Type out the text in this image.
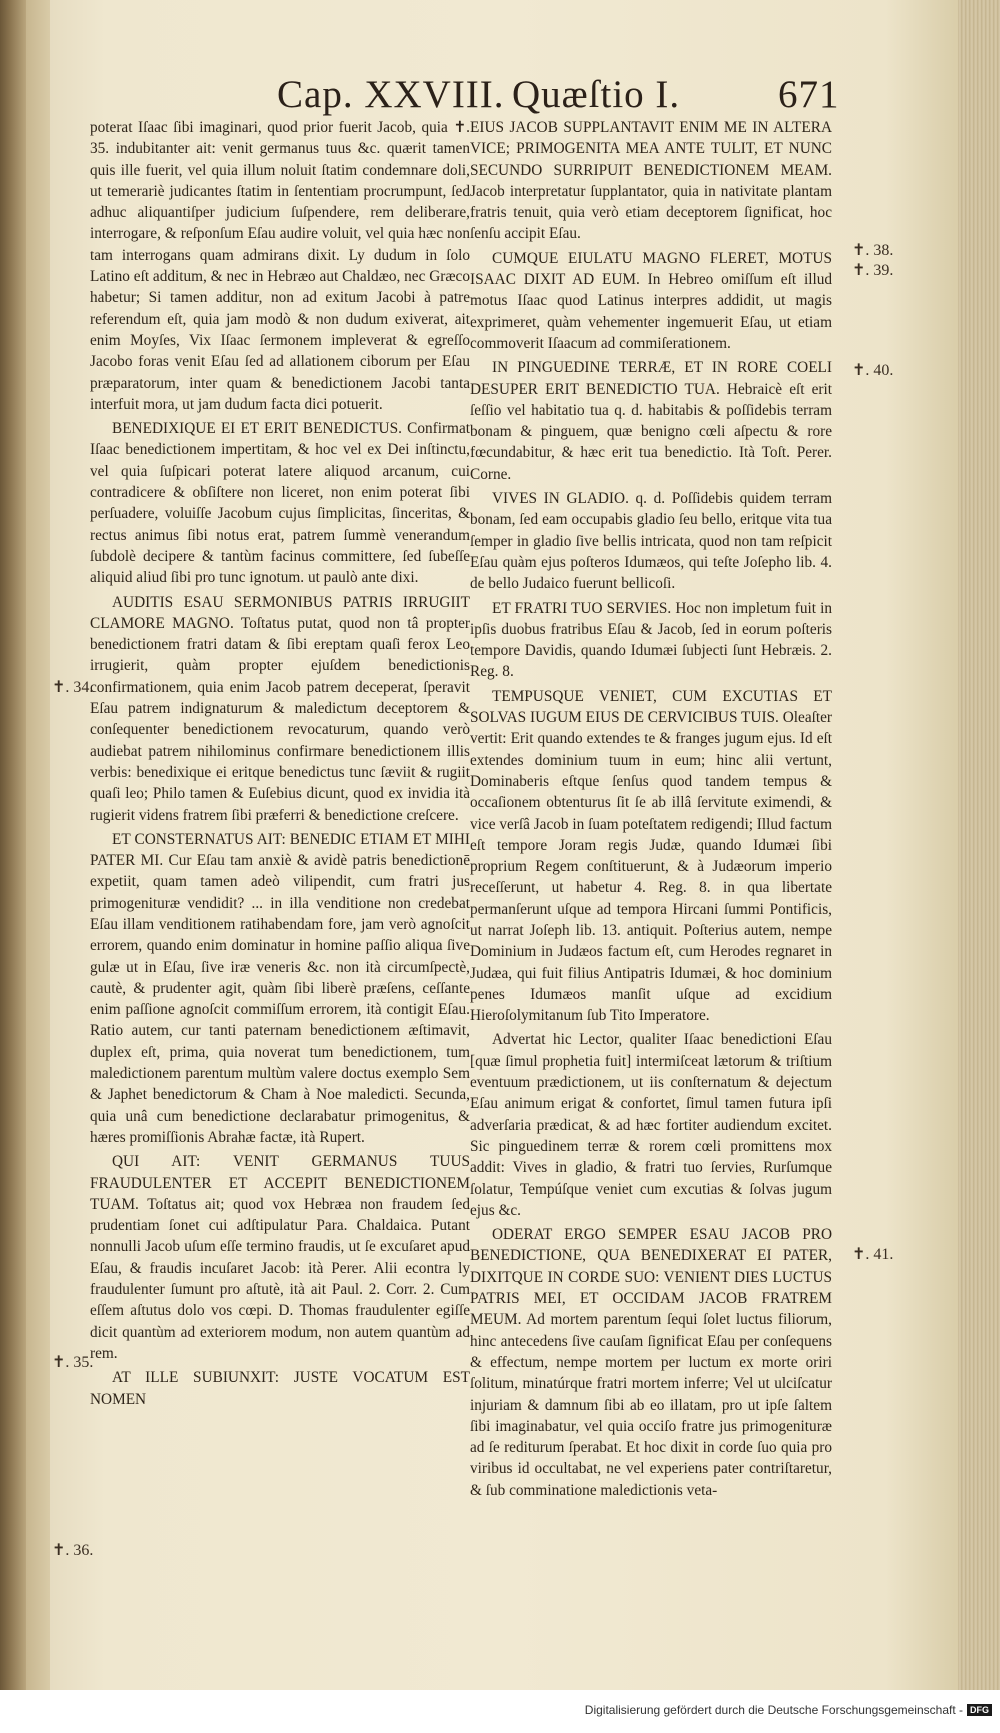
Cap. XXVIII. Quæſtio I.	671

poterat Iſaac ſibi imaginari, quod prior fuerit Jacob, quia ✝. 35. indubitanter ait: venit germanus tuus &c. quærit tamen quis ille fuerit, vel quia illum noluit ſtatim condemnare doli, ut temerariè judicantes ſtatim in ſententiam procrumpunt, ſed adhuc aliquantiſper judicium ſuſpendere, rem deliberare, interrogare, & reſponſum Eſau audire voluit, vel quia hæc non tam interrogans quam admirans dixit. Ly dudum in ſolo Latino eſt additum, & nec in Hebræo aut Chaldæo, nec Græco habetur; Si tamen additur, non ad exitum Jacobi à patre referendum eſt, quia jam modò & non dudum exiverat, ait enim Moyſes, Vix Iſaac ſermonem impleverat & egreſſo Jacobo foras venit Eſau ſed ad allationem ciborum per Eſau præparatorum, inter quam & benedictionem Jacobi tanta interfuit mora, ut jam dudum facta dici potuerit.

BENEDIXIQUE EI ET ERIT BENEDICTUS. Confirmat Iſaac benedictionem impertitam, & hoc vel ex Dei inſtinctu, vel quia ſuſpicari poterat latere aliquod arcanum, cui contradicere & obſiſtere non liceret, non enim poterat ſibi perſuadere, voluiſſe Jacobum cujus ſimplicitas, ſinceritas, & rectus animus ſibi notus erat, patrem ſummè venerandum ſubdolè decipere & tantùm facinus committere, ſed ſubeſſe aliquid aliud ſibi pro tunc ignotum. ut paulò ante dixi.

AUDITIS ESAU SERMONIBUS PATRIS IRRUGIIT CLAMORE MAGNO. Toſtatus putat, quod non tâ propter benedictionem fratri datam & ſibi ereptam quaſi ferox Leo irrugierit, quàm propter ejuſdem benedictionis confirmationem, quia enim Jacob patrem deceperat, ſperavit Eſau patrem indignaturum & maledictum deceptorem & conſequenter benedictionem revocaturum, quando verò audiebat patrem nihilominus confirmare benedictionem illis verbis: benedixique ei eritque benedictus tunc ſæviit & rugiit quaſi leo; Philo tamen & Euſebius dicunt, quod ex invidia ità rugierit videns fratrem ſibi præferri & benedictione creſcere.

ET CONSTERNATUS AIT: BENEDIC ETIAM ET MIHI PATER MI. Cur Eſau tam anxiè & avidè patris benedictionē expetiit, quam tamen adeò vilipendit, cum fratri jus primogenituræ vendidit? ... in illa venditione non credebat Eſau illam venditionem ratihabendam fore, jam verò agnoſcit errorem, quando enim dominatur in homine paſſio aliqua ſive gulæ ut in Eſau, ſive iræ veneris &c. non ità circumſpectè, cautè, & prudenter agit, quàm ſibi liberè præſens, ceſſante enim paſſione agnoſcit commiſſum errorem, ità contigit Eſau. Ratio autem, cur tanti paternam benedictionem æſtimavit, duplex eſt, prima, quia noverat tum benedictionem, tum maledictionem parentum multùm valere doctus exemplo Sem & Japhet benedictorum & Cham à Noe maledicti. Secunda, quia unâ cum benedictione declarabatur primogenitus, & hæres promiſſionis Abrahæ factæ, ità Rupert.

QUI AIT: VENIT GERMANUS TUUS FRAUDULENTER ET ACCEPIT BENEDICTIONEM TUAM. Toſtatus ait; quod vox Hebræa non fraudem ſed prudentiam ſonet cui adſtipulatur Para. Chaldaica. Putant nonnulli Jacob uſum eſſe termino fraudis, ut ſe excuſaret apud Eſau, & fraudis incuſaret Jacob: ità Perer. Alii econtra ly fraudulenter ſumunt pro aſtutè, ità ait Paul. 2. Corr. 2. Cum eſſem aſtutus dolo vos cœpi. D. Thomas fraudulenter egiſſe dicit quantùm ad exteriorem modum, non autem quantùm ad rem.

AT ILLE SUBIUNXIT: JUSTE VOCATUM EST NOMEN

EIUS JACOB SUPPLANTAVIT ENIM ME IN ALTERA VICE; PRIMOGENITA MEA ANTE TULIT, ET NUNC SECUNDO SURRIPUIT BENEDICTIONEM MEAM. Jacob interpretatur ſupplantator, quia in nativitate plantam fratris tenuit, quia verò etiam deceptorem ſignificat, hoc ſenſu accipit Eſau.

CUMQUE EIULATU MAGNO FLERET, MOTUS ISAAC DIXIT AD EUM. In Hebreo omiſſum eſt illud motus Iſaac quod Latinus interpres addidit, ut magis exprimeret, quàm vehementer ingemuerit Eſau, ut etiam commoverit Iſaacum ad commiſerationem.

IN PINGUEDINE TERRÆ, ET IN RORE COELI DESUPER ERIT BENEDICTIO TUA. Hebraicè eſt erit ſeſſio vel habitatio tua q. d. habitabis & poſſidebis terram bonam & pinguem, quæ benigno cœli aſpectu & rore fœcundabitur, & hæc erit tua benedictio. Ità Toſt. Perer. Corne.

VIVES IN GLADIO. q. d. Poſſidebis quidem terram bonam, ſed eam occupabis gladio ſeu bello, eritque vita tua ſemper in gladio ſive bellis intricata, quod non tam reſpicit Eſau quàm ejus poſteros Idumæos, qui teſte Joſepho lib. 4. de bello Judaico fuerunt bellicoſi.

ET FRATRI TUO SERVIES. Hoc non impletum fuit in ipſis duobus fratribus Eſau & Jacob, ſed in eorum poſteris tempore Davidis, quando Idumæi ſubjecti ſunt Hebræis. 2. Reg. 8.

TEMPUSQUE VENIET, CUM EXCUTIAS ET SOLVAS IUGUM EIUS DE CERVICIBUS TUIS. Oleaſter vertit: Erit quando extendes te & franges jugum ejus. Id eſt extendes dominium tuum in eum; hinc alii vertunt, Dominaberis eſtque ſenſus quod tandem tempus & occaſionem obtenturus ſit ſe ab illâ ſervitute eximendi, & vice verſâ Jacob in ſuam poteſtatem redigendi; Illud factum eſt tempore Joram regis Judæ, quando Idumæi ſibi proprium Regem conſtituerunt, & à Judæorum imperio receſſerunt, ut habetur 4. Reg. 8. in qua libertate permanſerunt uſque ad tempora Hircani ſummi Pontificis, ut narrat Joſeph lib. 13. antiquit. Poſterius autem, nempe Dominium in Judæos factum eſt, cum Herodes regnaret in Judæa, qui fuit filius Antipatris Idumæi, & hoc dominium penes Idumæos manſit uſque ad excidium Hieroſolymitanum ſub Tito Imperatore.

Advertat hic Lector, qualiter Iſaac benedictioni Eſau [quæ ſimul prophetia fuit] intermiſceat lætorum & triſtium eventuum prædictionem, ut iis conſternatum & dejectum Eſau animum erigat & confortet, ſimul tamen futura ipſi adverſaria prædicat, & ad hæc fortiter audiendum excitet. Sic pinguedinem terræ & rorem cœli promittens mox addit: Vives in gladio, & fratri tuo ſervies, Rurſumque ſolatur, Tempúſque veniet cum excutias & ſolvas jugum ejus &c.

ODERAT ERGO SEMPER ESAU JACOB PRO BENEDICTIONE, QUA BENEDIXERAT EI PATER, DIXITQUE IN CORDE SUO: VENIENT DIES LUCTUS PATRIS MEI, ET OCCIDAM JACOB FRATREM MEUM. Ad mortem parentum ſequi ſolet luctus filiorum, hinc antecedens ſive cauſam ſignificat Eſau per conſequens & effectum, nempe mortem per luctum ex morte oriri ſolitum, minatúrque fratri mortem inferre; Vel ut ulciſcatur injuriam & damnum ſibi ab eo illatam, pro ut ipſe ſaltem ſibi imaginabatur, vel quia occiſo fratre jus primogenituræ ad ſe rediturum ſperabat. Et hoc dixit in corde ſuo quia pro viribus id occultabat, ne vel experiens pater contriſtaretur, & ſub comminatione maledictionis veta-

✝. 38.
✝. 39.
✝. 40.
✝. 34.
✝. 35.
✝. 36.
✝. 41.
Digitalisierung gefördert durch die Deutsche Forschungsgemeinschaft - DFG
